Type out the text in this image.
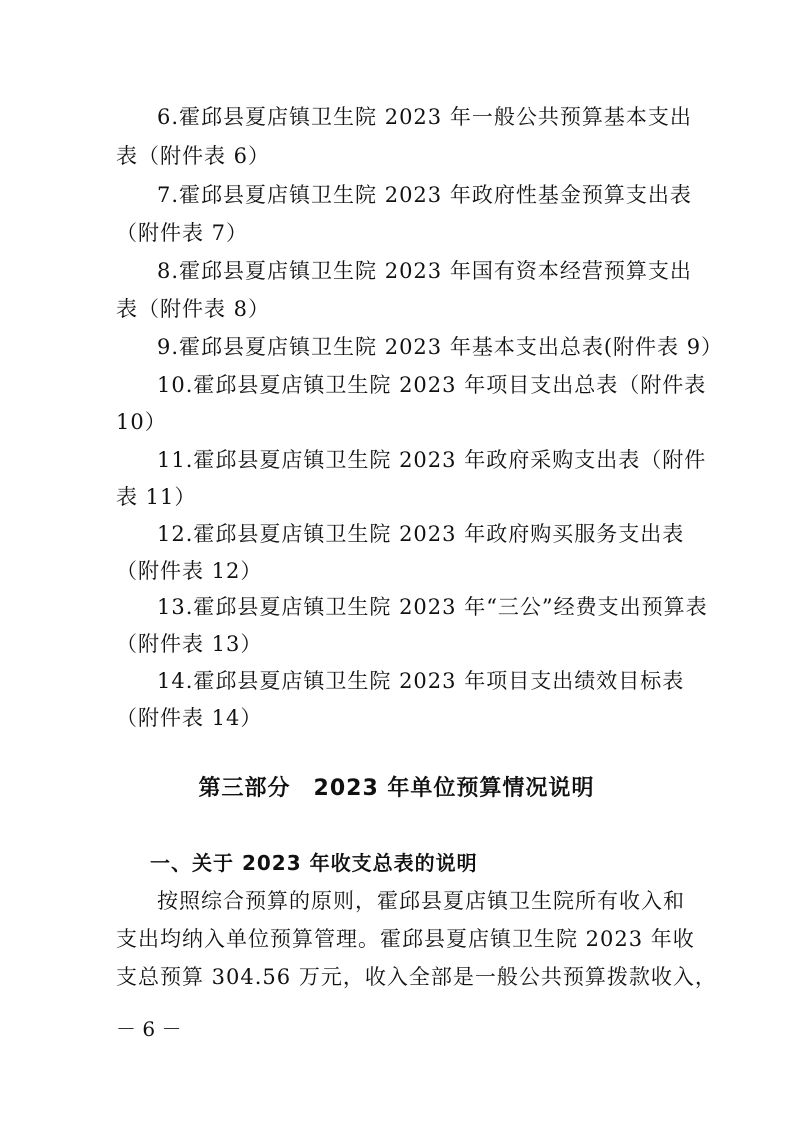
6.霍邱县夏店镇卫生院 2023 年一般公共预算基本支出
表（附件表 6）
7.霍邱县夏店镇卫生院 2023 年政府性基金预算支出表
（附件表 7）
8.霍邱县夏店镇卫生院 2023 年国有资本经营预算支出
表（附件表 8）
9.霍邱县夏店镇卫生院 2023 年基本支出总表(附件表 9）
10.霍邱县夏店镇卫生院 2023 年项目支出总表（附件表
10）
11.霍邱县夏店镇卫生院 2023 年政府采购支出表（附件
表 11）
12.霍邱县夏店镇卫生院 2023 年政府购买服务支出表
（附件表 12）
13.霍邱县夏店镇卫生院 2023 年“三公”经费支出预算表
（附件表 13）
14.霍邱县夏店镇卫生院 2023 年项目支出绩效目标表
（附件表 14）
第三部分　2023 年单位预算情况说明
一、关于 2023 年收支总表的说明
按照综合预算的原则，霍邱县夏店镇卫生院所有收入和
支出均纳入单位预算管理。霍邱县夏店镇卫生院 2023 年收
支总预算 304.56 万元，收入全部是一般公共预算拨款收入，
－ 6 －
